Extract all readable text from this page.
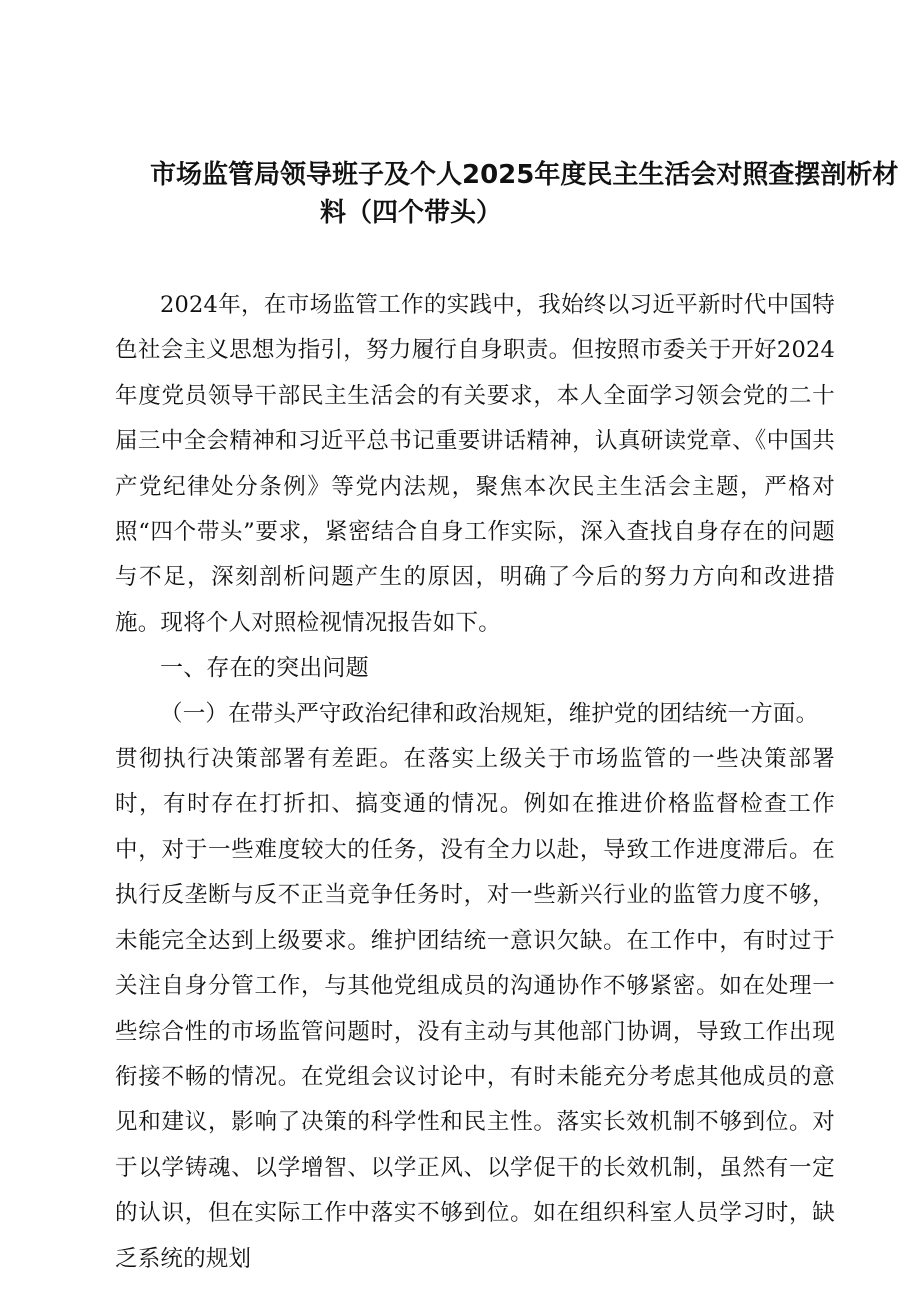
市场监管局领导班子及个人2025年度民主生活会对照查摆剖析材
料（四个带头）

2024年，在市场监管工作的实践中，我始终以习近平新时代中国特色社会主义思想为指引，努力履行自身职责。但按照市委关于开好2024年度党员领导干部民主生活会的有关要求，本人全面学习领会党的二十届三中全会精神和习近平总书记重要讲话精神，认真研读党章、《中国共产党纪律处分条例》等党内法规，聚焦本次民主生活会主题，严格对照“四个带头”要求，紧密结合自身工作实际，深入查找自身存在的问题与不足，深刻剖析问题产生的原因，明确了今后的努力方向和改进措施。现将个人对照检视情况报告如下。

一、存在的突出问题

（一）在带头严守政治纪律和政治规矩，维护党的团结统一方面。

贯彻执行决策部署有差距。在落实上级关于市场监管的一些决策部署时，有时存在打折扣、搞变通的情况。例如在推进价格监督检查工作中，对于一些难度较大的任务，没有全力以赴，导致工作进度滞后。在执行反垄断与反不正当竞争任务时，对一些新兴行业的监管力度不够，未能完全达到上级要求。维护团结统一意识欠缺。在工作中，有时过于关注自身分管工作，与其他党组成员的沟通协作不够紧密。如在处理一些综合性的市场监管问题时，没有主动与其他部门协调，导致工作出现衔接不畅的情况。在党组会议讨论中，有时未能充分考虑其他成员的意见和建议，影响了决策的科学性和民主性。落实长效机制不够到位。对于以学铸魂、以学增智、以学正风、以学促干的长效机制，虽然有一定的认识，但在实际工作中落实不够到位。如在组织科室人员学习时，缺乏系统的规划
